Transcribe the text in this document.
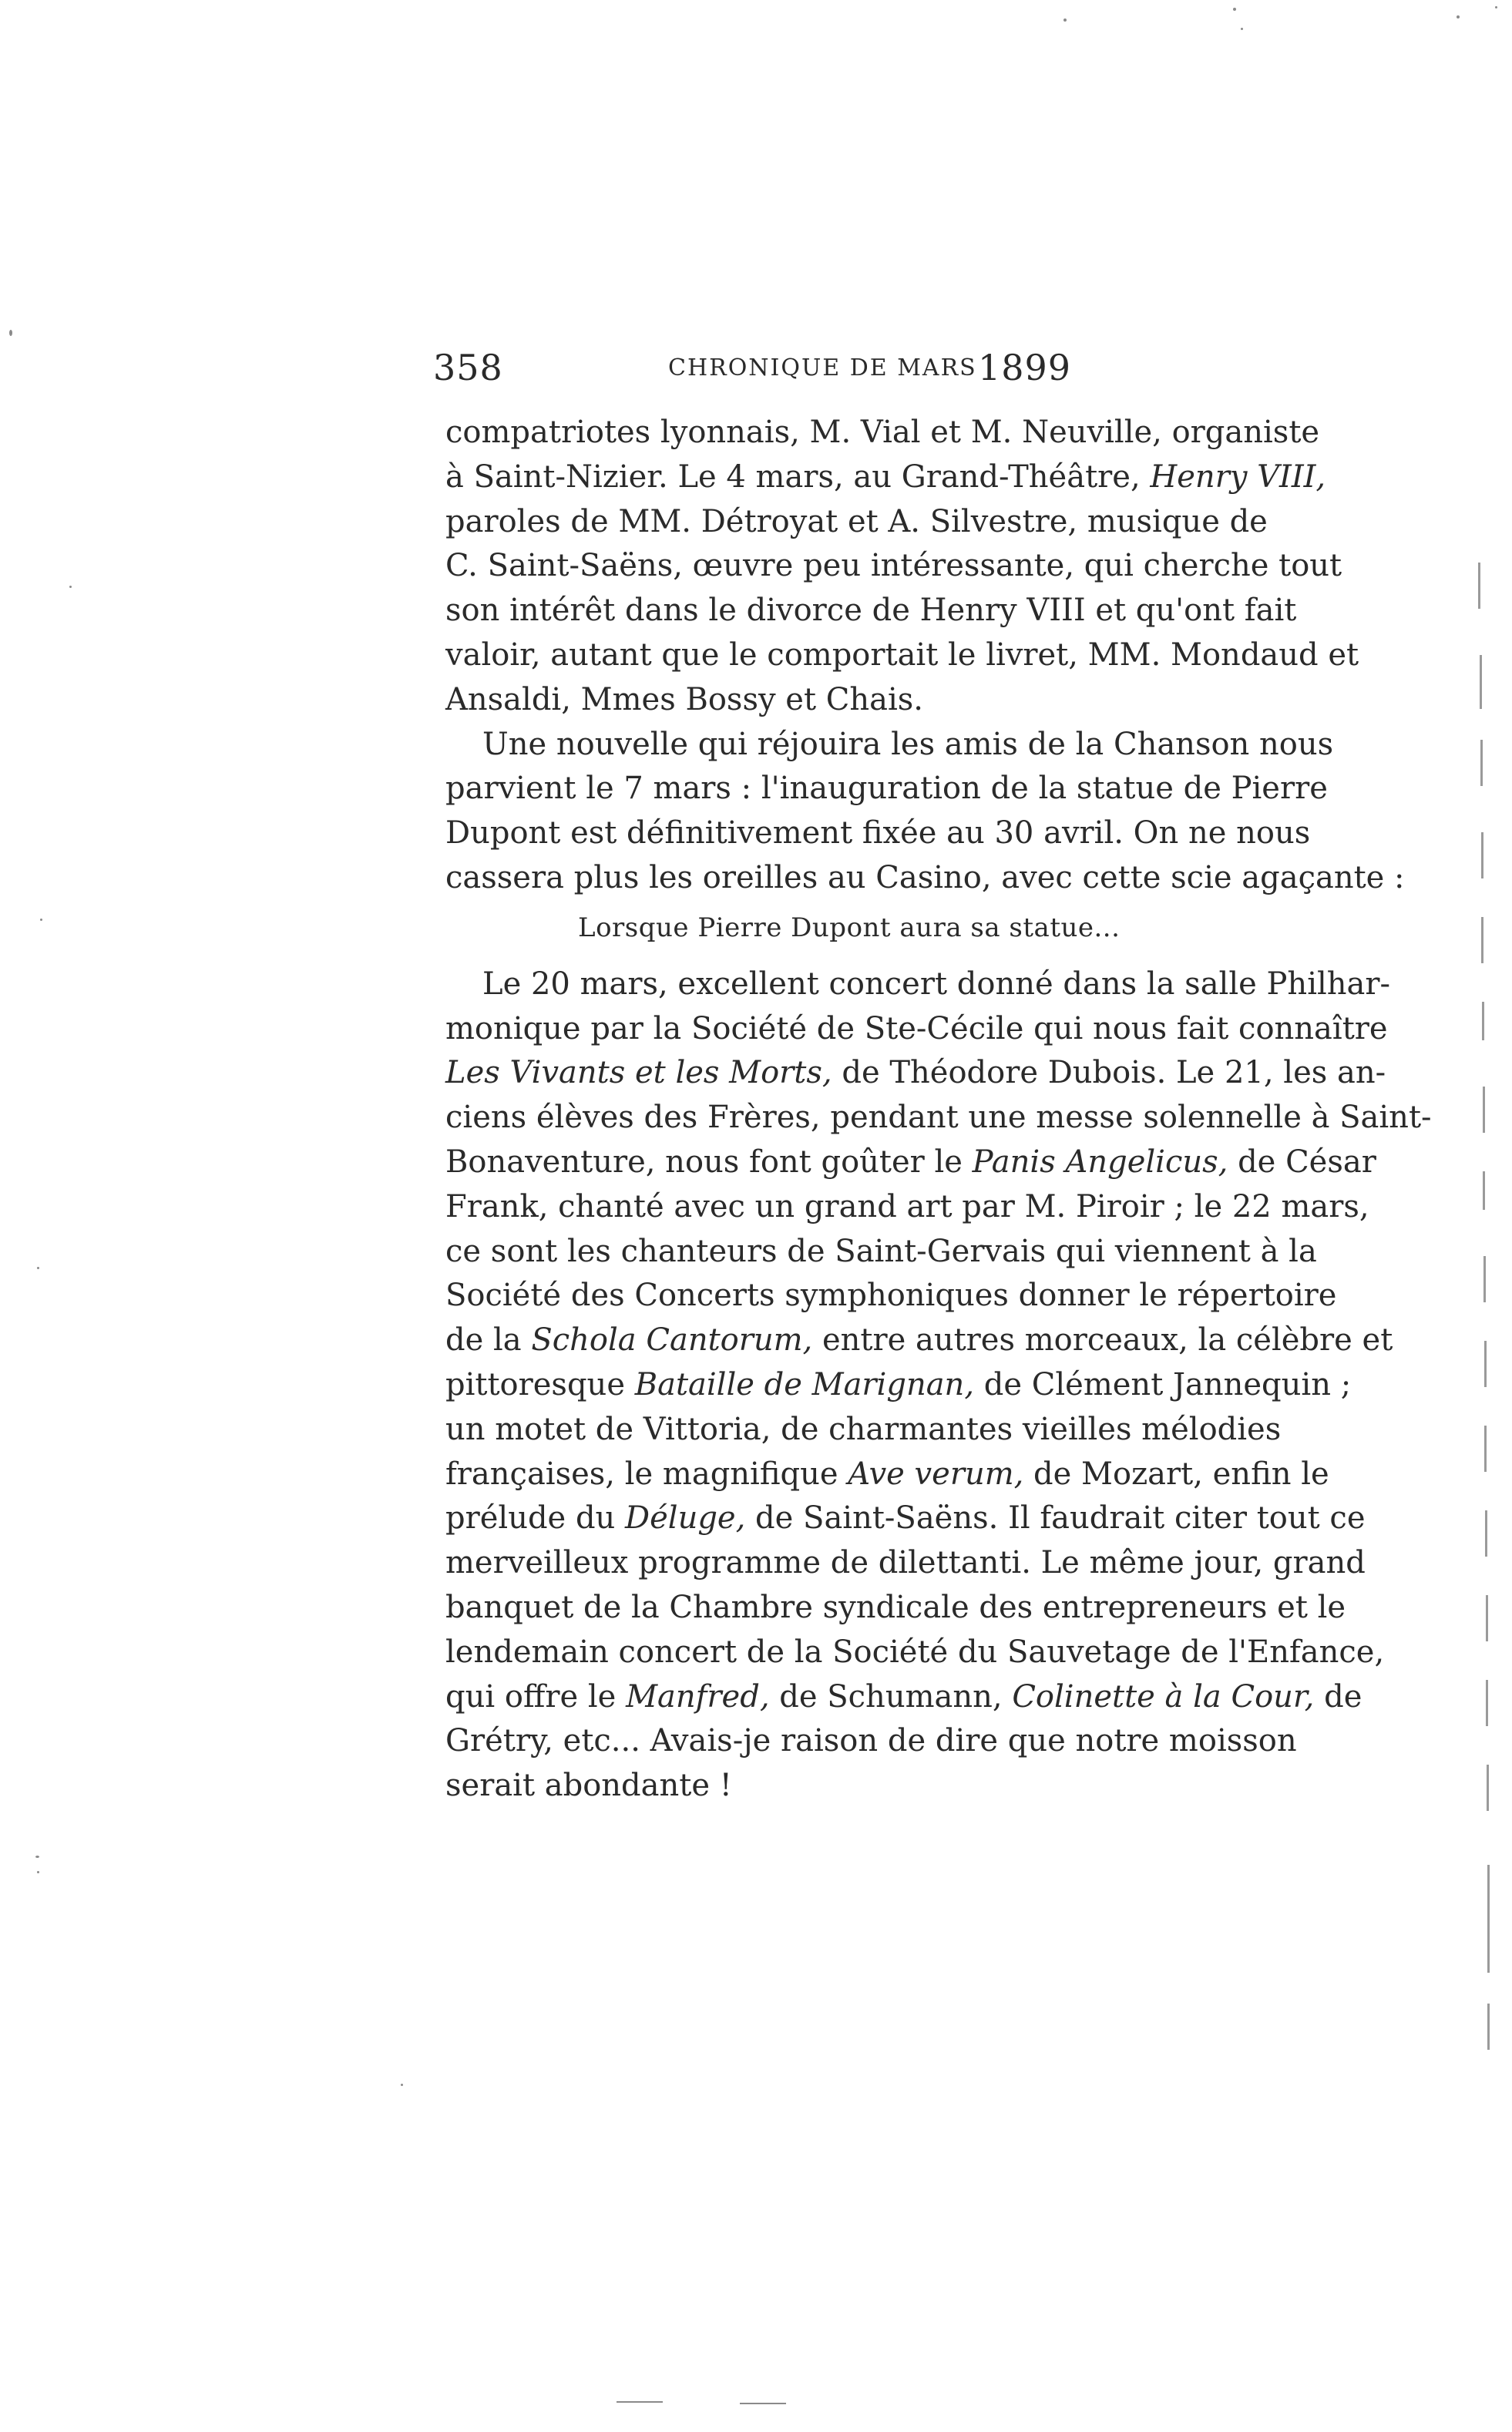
358	CHRONIQUE DE MARS 1899
compatriotes lyonnais, M. Vial et M. Neuville, organiste
à Saint-Nizier. Le 4 mars, au Grand-Théâtre, Henry VIII,
paroles de MM. Détroyat et A. Silvestre, musique de
C. Saint-Saëns, œuvre peu intéressante, qui cherche tout
son intérêt dans le divorce de Henry VIII et qu'ont fait
valoir, autant que le comportait le livret, MM. Mondaud et
Ansaldi, Mmes Bossy et Chais.
Une nouvelle qui réjouira les amis de la Chanson nous
parvient le 7 mars : l'inauguration de la statue de Pierre
Dupont est définitivement fixée au 30 avril. On ne nous
cassera plus les oreilles au Casino, avec cette scie agaçante :
Lorsque Pierre Dupont aura sa statue...
Le 20 mars, excellent concert donné dans la salle Philhar-
monique par la Société de Ste-Cécile qui nous fait connaître
Les Vivants et les Morts, de Théodore Dubois. Le 21, les an-
ciens élèves des Frères, pendant une messe solennelle à Saint-
Bonaventure, nous font goûter le Panis Angelicus, de César
Frank, chanté avec un grand art par M. Piroir ; le 22 mars,
ce sont les chanteurs de Saint-Gervais qui viennent à la
Société des Concerts symphoniques donner le répertoire
de la Schola Cantorum, entre autres morceaux, la célèbre et
pittoresque Bataille de Marignan, de Clément Jannequin ;
un motet de Vittoria, de charmantes vieilles mélodies
françaises, le magnifique Ave verum, de Mozart, enfin le
prélude du Déluge, de Saint-Saëns. Il faudrait citer tout ce
merveilleux programme de dilettanti. Le même jour, grand
banquet de la Chambre syndicale des entrepreneurs et le
lendemain concert de la Société du Sauvetage de l'Enfance,
qui offre le Manfred, de Schumann, Colinette à la Cour, de
Grétry, etc... Avais-je raison de dire que notre moisson
serait abondante !
